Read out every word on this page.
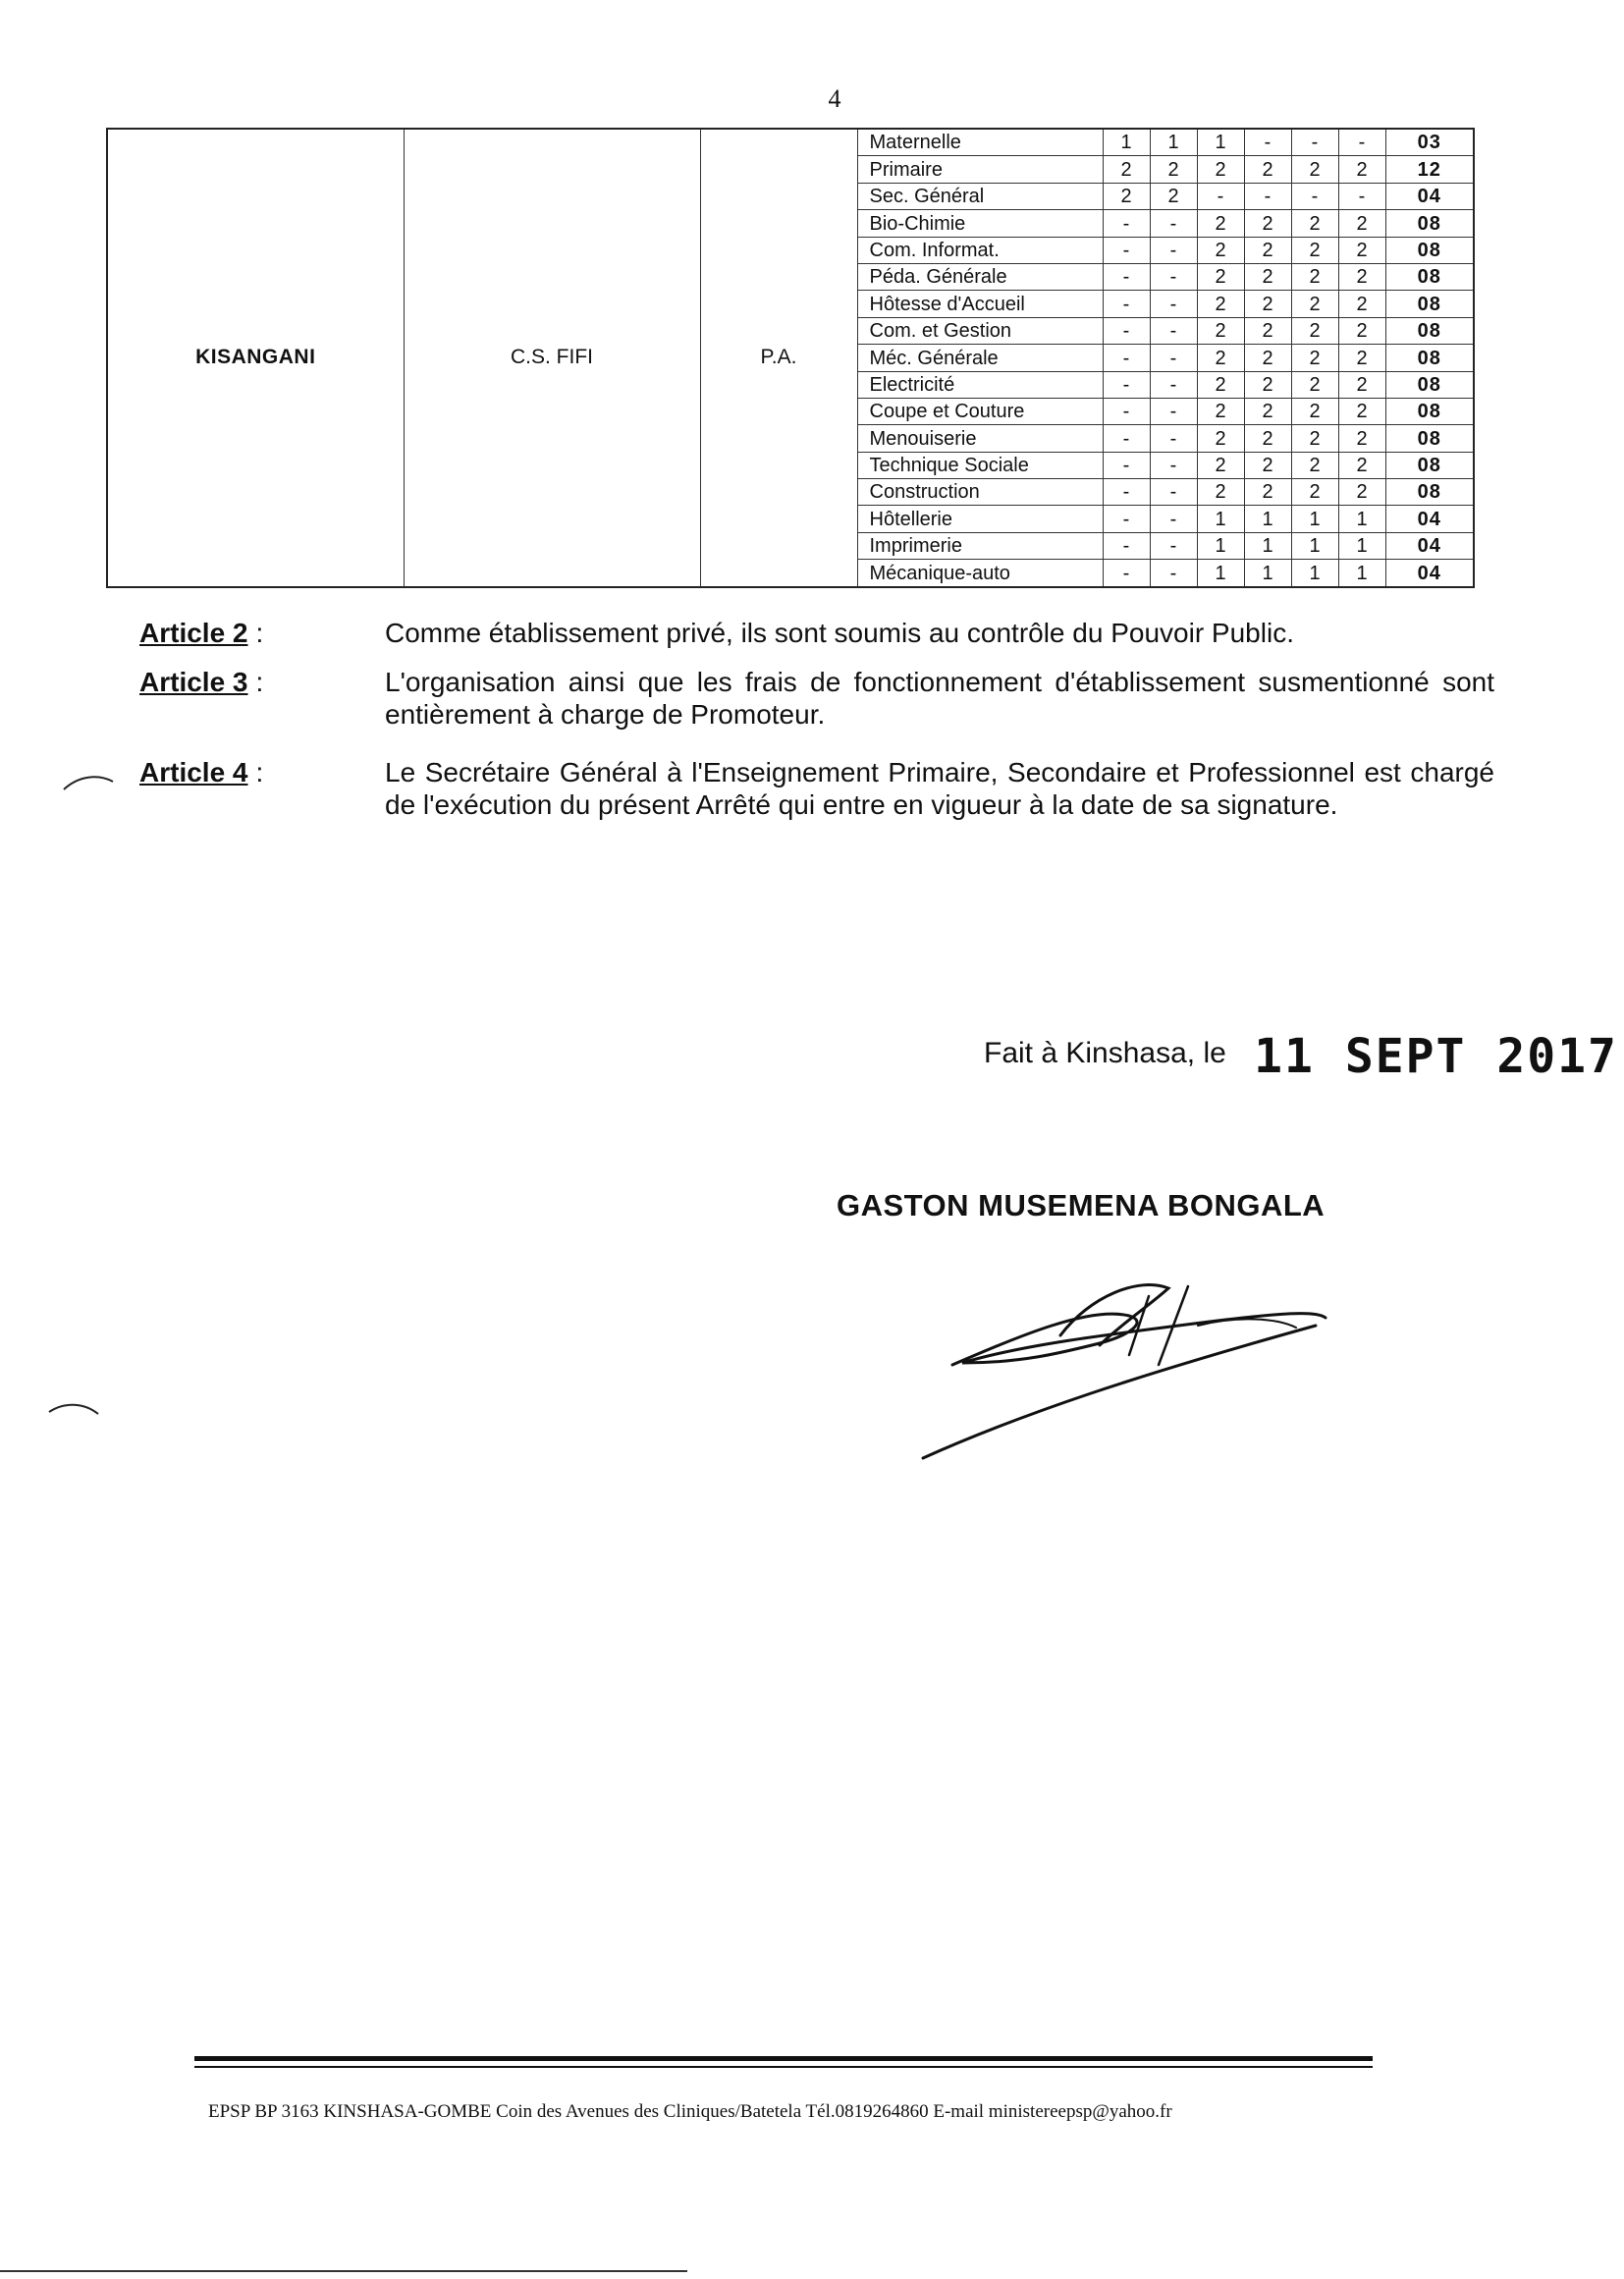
4
KISANGANI	C.S. FIFI	P.A.	Maternelle	1	1	1	-	-	-	03
			Primaire	2	2	2	2	2	2	12
			Sec. Général	2	2	-	-	-	-	04
			Bio-Chimie	-	-	2	2	2	2	08
			Com. Informat.	-	-	2	2	2	2	08
			Péda. Générale	-	-	2	2	2	2	08
			Hôtesse d'Accueil	-	-	2	2	2	2	08
			Com. et Gestion	-	-	2	2	2	2	08
			Méc. Générale	-	-	2	2	2	2	08
			Electricité	-	-	2	2	2	2	08
			Coupe et Couture	-	-	2	2	2	2	08
			Menouiserie	-	-	2	2	2	2	08
			Technique Sociale	-	-	2	2	2	2	08
			Construction	-	-	2	2	2	2	08
			Hôtellerie	-	-	1	1	1	1	04
			Imprimerie	-	-	1	1	1	1	04
			Mécanique-auto	-	-	1	1	1	1	04
Article 2 :	Comme établissement privé, ils sont soumis au contrôle du Pouvoir Public.
Article 3 :	L'organisation ainsi que les frais de fonctionnement d'établissement susmentionné sont entièrement à charge de Promoteur.
Article 4 :	Le Secrétaire Général à l'Enseignement Primaire, Secondaire et Professionnel est chargé de l'exécution du présent Arrêté qui entre en vigueur à la date de sa signature.
Fait à Kinshasa, le 11 SEPT 2017
GASTON MUSEMENA BONGALA
EPSP BP 3163 KINSHASA-GOMBE Coin des Avenues des Cliniques/Batetela Tél.0819264860 E-mail ministereepsp@yahoo.fr
